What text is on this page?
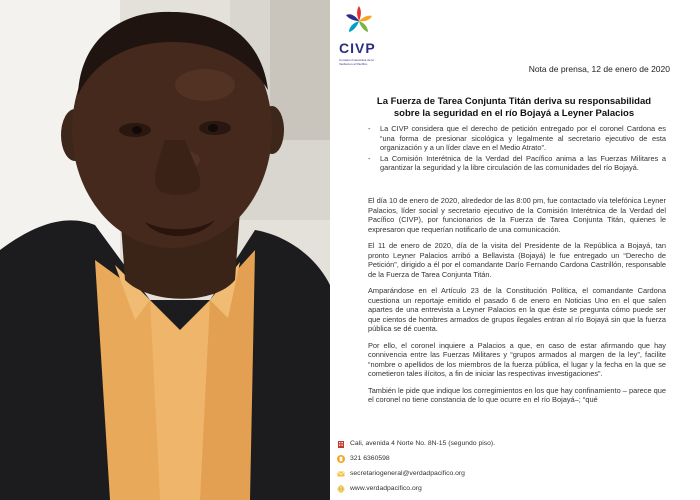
CIVP
Comisión Interétnica de la Verdad en el Pacífico	Nota de prensa, 12 de enero de 2020
La Fuerza de Tarea Conjunta Titán deriva su responsabilidad
sobre la seguridad en el río Bojayá a Leyner Palacios
- La CIVP considera que el derecho de petición entregado por el coronel Cardona es “una forma de presionar sicológica y legalmente al secretario ejecutivo de esta organización y a un líder clave en el Medio Atrato”.
- La Comisión Interétnica de la Verdad del Pacífico anima a las Fuerzas Militares a garantizar la seguridad y la libre circulación de las comunidades del río Bojayá.

El día 10 de enero de 2020, alrededor de las 8:00 pm, fue contactado vía telefónica Leyner Palacios, líder social y secretario ejecutivo de la Comisión Interétnica de la Verdad del Pacífico (CIVP), por funcionarios de la Fuerza de Tarea Conjunta Titán, quienes le expresaron que requerían notificarlo de una comunicación.

El 11 de enero de 2020, día de la visita del Presidente de la República a Bojayá, tan pronto Leyner Palacios arribó a Bellavista (Bojayá) le fue entregado un “Derecho de Petición”, dirigido a él por el comandante Darío Fernando Cardona Castrillón, responsable de la Fuerza de Tarea Conjunta Titán.

Amparándose en el Artículo 23 de la Constitución Política, el comandante Cardona cuestiona un reportaje emitido el pasado 6 de enero en Noticias Uno en el que salen apartes de una entrevista a Leyner Palacios en la que éste se pregunta cómo puede ser que cientos de hombres armados de grupos ilegales entran al río Bojayá sin que la fuerza pública se dé cuenta.

Por ello, el coronel inquiere a Palacios a que, en caso de estar afirmando que hay connivencia entre las Fuerzas Militares y “grupos armados al margen de la ley”, facilite “nombre o apellidos de los miembros de la fuerza pública, el lugar y la fecha en la que se cometieron tales ilícitos, a fin de iniciar las respectivas investigaciones”.

También le pide que indique los corregimientos en los que hay confinamiento – parece que el coronel no tiene constancia de lo que ocurre en el río Bojayá–; “qué

Cali, avenida 4 Norte No. 8N-15 (segundo piso).
321 6360598
secretariogeneral@verdadpacifico.org
www.verdadpacifico.org
